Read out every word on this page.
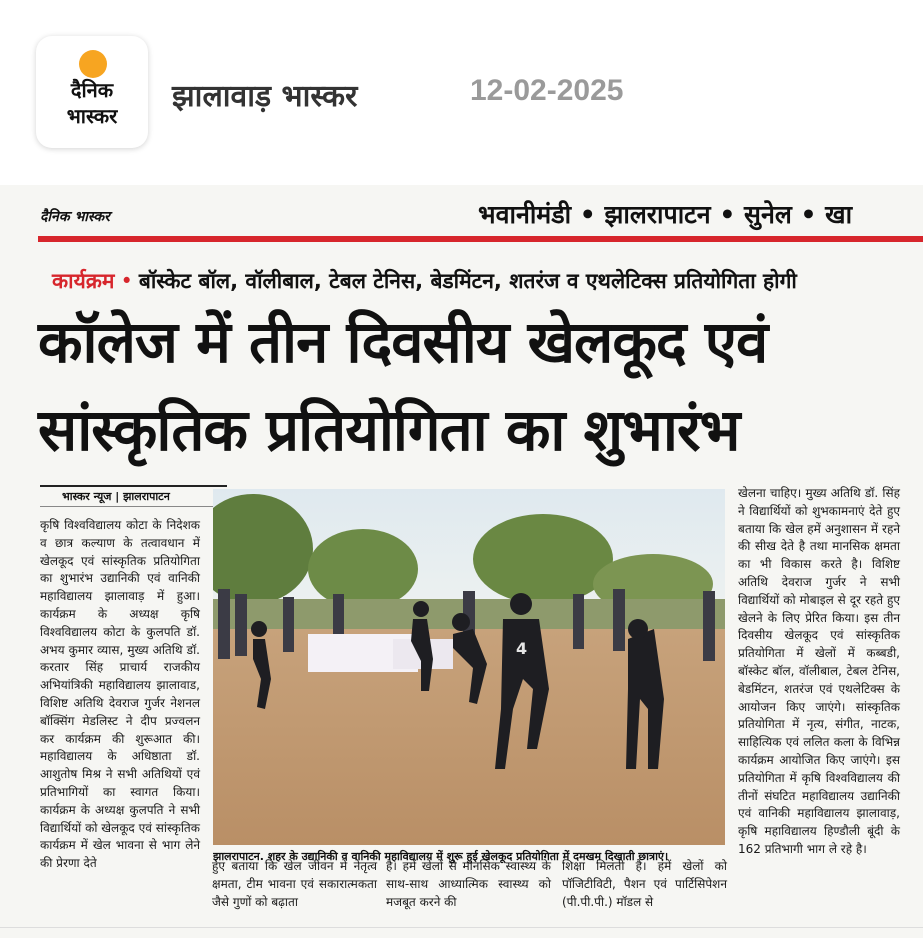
दैनिक
भास्कर
झालावाड़ भास्कर	12-02-2025
दैनिक भास्कर	भवानीमंडी • झालरापाटन • सुनेल • खा
कार्यक्रम • बॉस्केट बॉल, वॉलीबाल, टेबल टेनिस, बेडमिंटन, शतरंज व एथलेटिक्स प्रतियोगिता होगी
कॉलेज में तीन दिवसीय खेलकूद एवं
सांस्कृतिक प्रतियोगिता का शुभारंभ
भास्कर न्यूज | झालरापाटन
कृषि विश्वविद्यालय कोटा के निदेशक व छात्र कल्याण के तत्वावधान में खेलकूद एवं सांस्कृतिक प्रतियोगिता का शुभारंभ उद्यानिकी एवं वानिकी महाविद्यालय झालावाड़ में हुआ। कार्यक्रम के अध्यक्ष कृषि विश्वविद्यालय कोटा के कुलपति डॉ. अभय कुमार व्यास, मुख्य अतिथि डॉ. करतार सिंह प्राचार्य राजकीय अभियांत्रिकी महाविद्यालय झालावाड, विशिष्ट अतिथि देवराज गुर्जर नेशनल बॉक्सिंग मेडलिस्ट ने दीप प्रज्वलन कर कार्यक्रम की शुरूआत की। महाविद्यालय के अधिष्ठाता डॉ. आशुतोष मिश्र ने सभी अतिथियों एवं प्रतिभागियों का स्वागत किया। कार्यक्रम के अध्यक्ष कुलपति ने सभी विद्यार्थियों को खेलकूद एवं सांस्कृतिक कार्यक्रम में खेल भावना से भाग लेने की प्रेरणा देते
4
झालरापाटन. शहर के उद्यानिकी व वानिकी महाविद्यालय में शुरू हुई खेलकूद प्रतियोगिता में दमखम दिखाती छात्राएं।
हुए बताया कि खेल जीवन में नेतृत्व क्षमता, टीम भावना एवं सकारात्मकता जैसे गुणों को बढ़ाता
है। हमें खेलों से मानसिक स्वास्थ्य के साथ-साथ आध्यात्मिक स्वास्थ्य को मजबूत करने की
शिक्षा मिलती है। हमें खेलों को पॉजिटीविटी, पैशन एवं पार्टिसिपेशन (पी.पी.पी.) मॉडल से
खेलना चाहिए। मुख्य अतिथि डॉ. सिंह ने विद्यार्थियों को शुभकामनाएं देते हुए बताया कि खेल हमें अनुशासन में रहने की सीख देते है तथा मानसिक क्षमता का भी विकास करते है। विशिष्ट अतिथि देवराज गुर्जर ने सभी विद्यार्थियों को मोबाइल से दूर रहते हुए खेलने के लिए प्रेरित किया। इस तीन दिवसीय खेलकूद एवं सांस्कृतिक प्रतियोगिता में खेलों में कब्बडी, बॉस्केट बॉल, वॉलीबाल, टेबल टेनिस, बेडमिंटन, शतरंज एवं एथलेटिक्स के आयोजन किए जाएंगे। सांस्कृतिक प्रतियोगिता में नृत्य, संगीत, नाटक, साहित्यिक एवं ललित कला के विभिन्न कार्यक्रम आयोजित किए जाएंगे। इस प्रतियोगिता में कृषि विश्वविद्यालय की तीनों संघटित महाविद्यालय उद्यानिकी एवं वानिकी महाविद्यालय झालावाड़, कृषि महाविद्यालय हिण्डौली बूंदी के 162 प्रतिभागी भाग ले रहे है।
